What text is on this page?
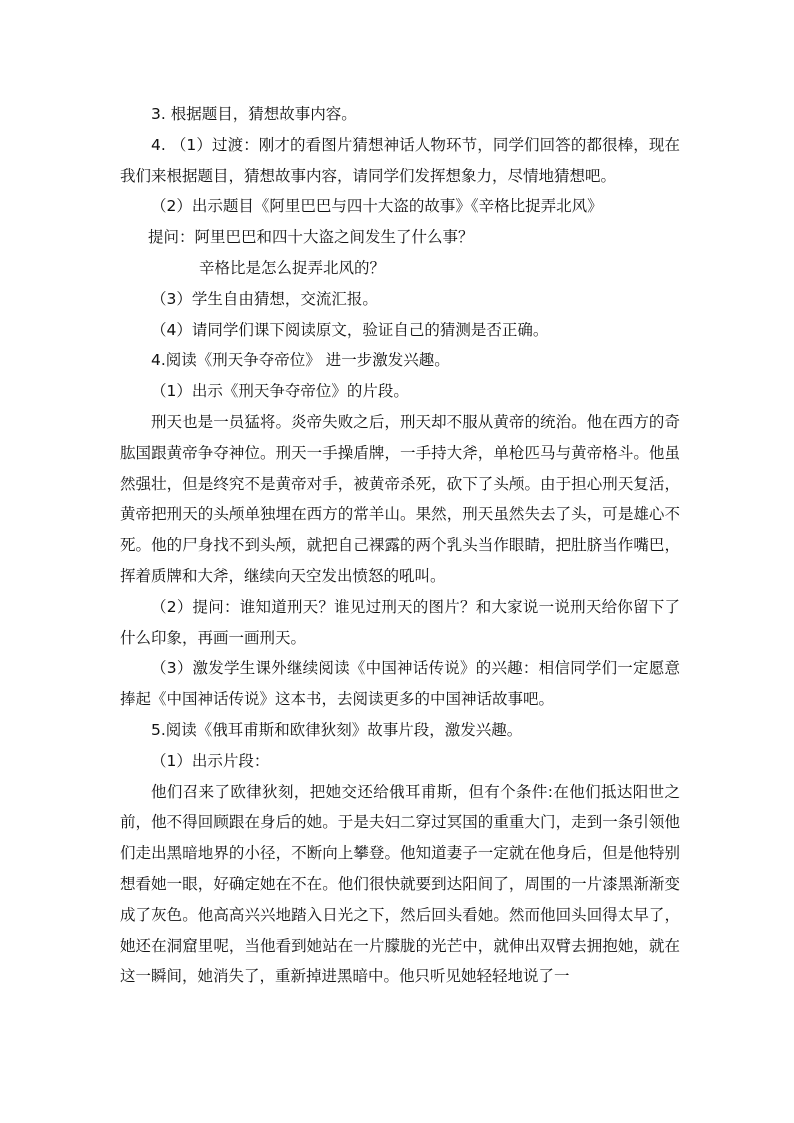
3. 根据题目，猜想故事内容。

4. （1）过渡：刚才的看图片猜想神话人物环节，同学们回答的都很棒，现在我们来根据题目，猜想故事内容，请同学们发挥想象力，尽情地猜想吧。

（2）出示题目《阿里巴巴与四十大盗的故事》《辛格比捉弄北风》

提问：阿里巴巴和四十大盗之间发生了什么事？

辛格比是怎么捉弄北风的？

（3）学生自由猜想，交流汇报。

（4）请同学们课下阅读原文，验证自己的猜测是否正确。

4.阅读《刑天争夺帝位》 进一步激发兴趣。

（1）出示《刑天争夺帝位》的片段。

刑天也是一员猛将。炎帝失败之后，刑天却不服从黄帝的统治。他在西方的奇肱国跟黄帝争夺神位。刑天一手操盾牌，一手持大斧，单枪匹马与黄帝格斗。他虽然强壮，但是终究不是黄帝对手，被黄帝杀死，砍下了头颅。由于担心刑天复活，黄帝把刑天的头颅单独埋在西方的常羊山。果然，刑天虽然失去了头，可是雄心不死。他的尸身找不到头颅，就把自己裸露的两个乳头当作眼睛，把肚脐当作嘴巴，挥着质牌和大斧，继续向天空发出愤怒的吼叫。

（2）提问：谁知道刑天？谁见过刑天的图片？和大家说一说刑天给你留下了什么印象，再画一画刑天。

（3）激发学生课外继续阅读《中国神话传说》的兴趣：相信同学们一定愿意捧起《中国神话传说》这本书，去阅读更多的中国神话故事吧。

5.阅读《俄耳甫斯和欧律狄刻》故事片段，激发兴趣。

（1）出示片段：

他们召来了欧律狄刻，把她交还给俄耳甫斯，但有个条件:在他们抵达阳世之前，他不得回顾跟在身后的她。于是夫妇二穿过冥国的重重大门，走到一条引领他们走出黑暗地界的小径，不断向上攀登。他知道妻子一定就在他身后，但是他特别想看她一眼，好确定她在不在。他们很快就要到达阳间了，周围的一片漆黑渐渐变成了灰色。他高高兴兴地踏入日光之下，然后回头看她。然而他回头回得太早了，她还在洞窟里呢，当他看到她站在一片朦胧的光芒中，就伸出双臂去拥抱她，就在这一瞬间，她消失了，重新掉进黑暗中。他只听见她轻轻地说了一
